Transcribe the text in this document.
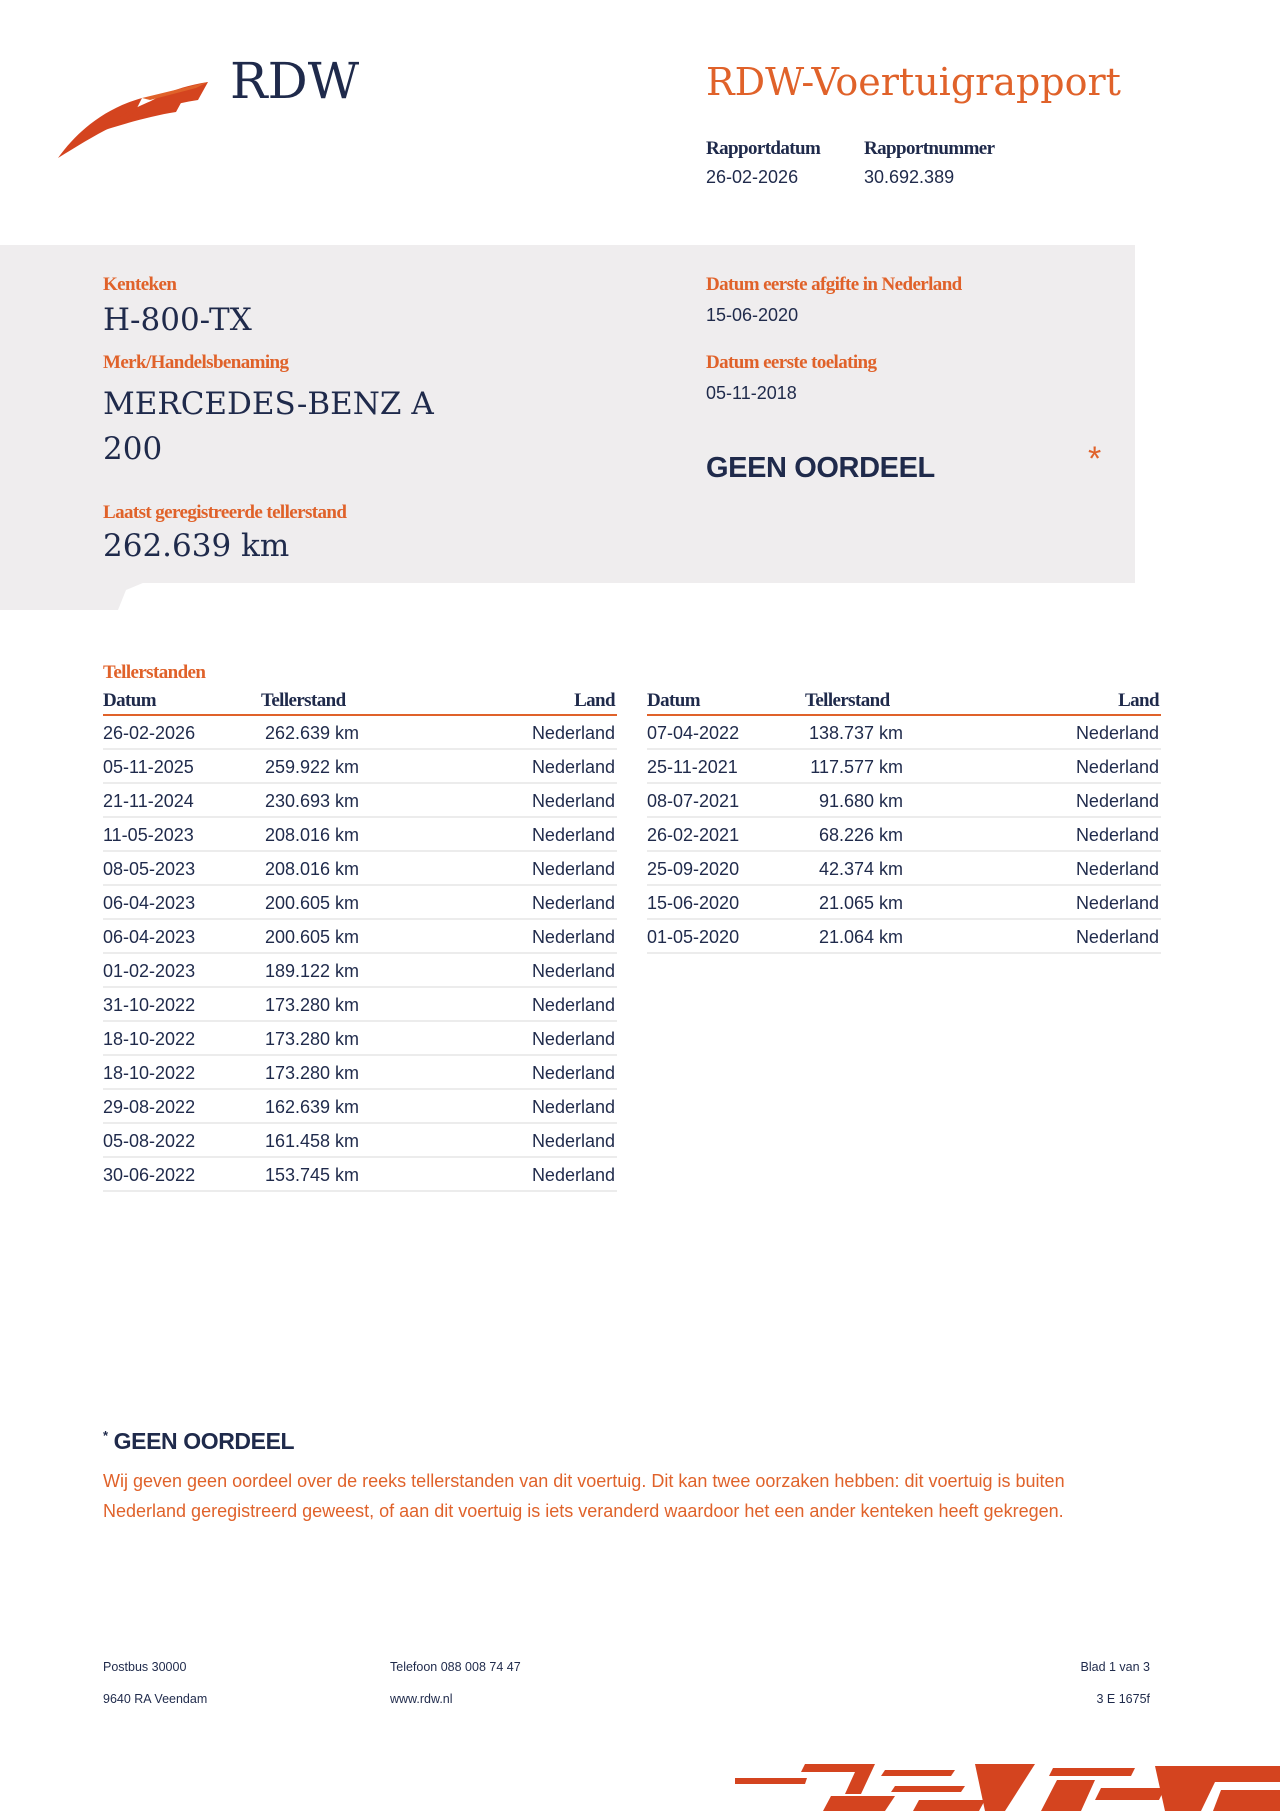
RDW	RDW-Voertuigrapport
Rapportdatum
26-02-2026
Rapportnummer
30.692.389
Kenteken
H-800-TX
Merk/Handelsbenaming
MERCEDES-BENZ A 200
Laatst geregistreerde tellerstand
262.639 km
Datum eerste afgifte in Nederland
15-06-2020
Datum eerste toelating
05-11-2018
GEEN OORDEEL	*
Tellerstanden
Datum	Tellerstand	Land
26-02-2026	262.639 km	Nederland
05-11-2025	259.922 km	Nederland
21-11-2024	230.693 km	Nederland
11-05-2023	208.016 km	Nederland
08-05-2023	208.016 km	Nederland
06-04-2023	200.605 km	Nederland
06-04-2023	200.605 km	Nederland
01-02-2023	189.122 km	Nederland
31-10-2022	173.280 km	Nederland
18-10-2022	173.280 km	Nederland
18-10-2022	173.280 km	Nederland
29-08-2022	162.639 km	Nederland
05-08-2022	161.458 km	Nederland
30-06-2022	153.745 km	Nederland
Datum	Tellerstand	Land
07-04-2022	138.737 km	Nederland
25-11-2021	117.577 km	Nederland
08-07-2021	91.680 km	Nederland
26-02-2021	68.226 km	Nederland
25-09-2020	42.374 km	Nederland
15-06-2020	21.065 km	Nederland
01-05-2020	21.064 km	Nederland
* GEEN OORDEEL
Wij geven geen oordeel over de reeks tellerstanden van dit voertuig. Dit kan twee oorzaken hebben: dit voertuig is buiten Nederland geregistreerd geweest, of aan dit voertuig is iets veranderd waardoor het een ander kenteken heeft gekregen.
Postbus 30000
9640 RA Veendam
Telefoon 088 008 74 47
www.rdw.nl
Blad 1 van 3
3 E 1675f
